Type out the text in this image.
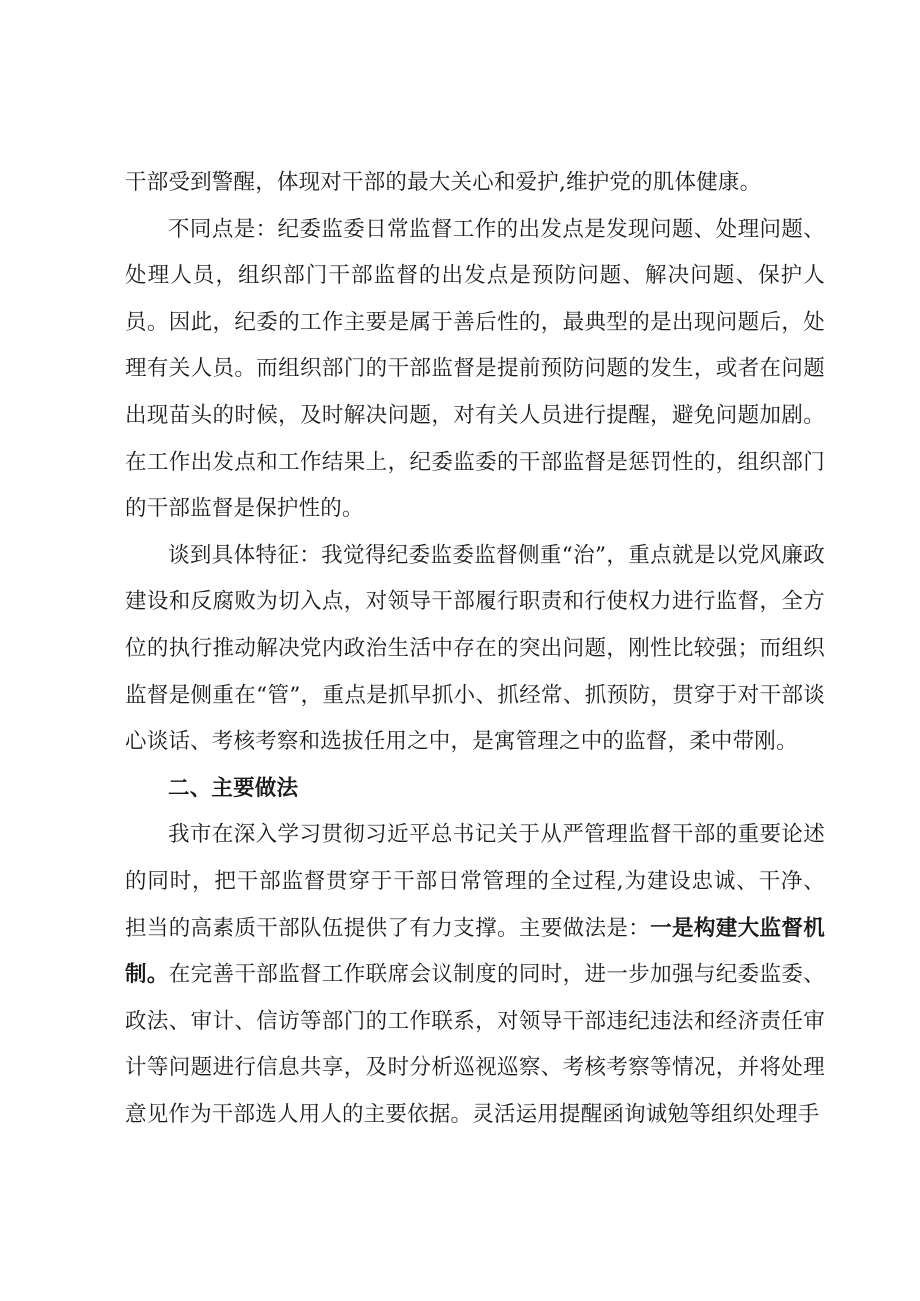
干部受到警醒，体现对干部的最大关心和爱护,维护党的肌体健康。

不同点是：纪委监委日常监督工作的出发点是发现问题、处理问题、处理人员，组织部门干部监督的出发点是预防问题、解决问题、保护人员。因此，纪委的工作主要是属于善后性的，最典型的是出现问题后，处理有关人员。而组织部门的干部监督是提前预防问题的发生，或者在问题出现苗头的时候，及时解决问题，对有关人员进行提醒，避免问题加剧。在工作出发点和工作结果上，纪委监委的干部监督是惩罚性的，组织部门的干部监督是保护性的。

谈到具体特征：我觉得纪委监委监督侧重“治”，重点就是以党风廉政建设和反腐败为切入点，对领导干部履行职责和行使权力进行监督，全方位的执行推动解决党内政治生活中存在的突出问题，刚性比较强；而组织监督是侧重在“管”，重点是抓早抓小、抓经常、抓预防，贯穿于对干部谈心谈话、考核考察和选拔任用之中，是寓管理之中的监督，柔中带刚。

二、主要做法

我市在深入学习贯彻习近平总书记关于从严管理监督干部的重要论述的同时，把干部监督贯穿于干部日常管理的全过程,为建设忠诚、干净、担当的高素质干部队伍提供了有力支撑。主要做法是：一是构建大监督机制。在完善干部监督工作联席会议制度的同时，进一步加强与纪委监委、政法、审计、信访等部门的工作联系，对领导干部违纪违法和经济责任审计等问题进行信息共享，及时分析巡视巡察、考核考察等情况，并将处理意见作为干部选人用人的主要依据。灵活运用提醒函询诚勉等组织处理手
